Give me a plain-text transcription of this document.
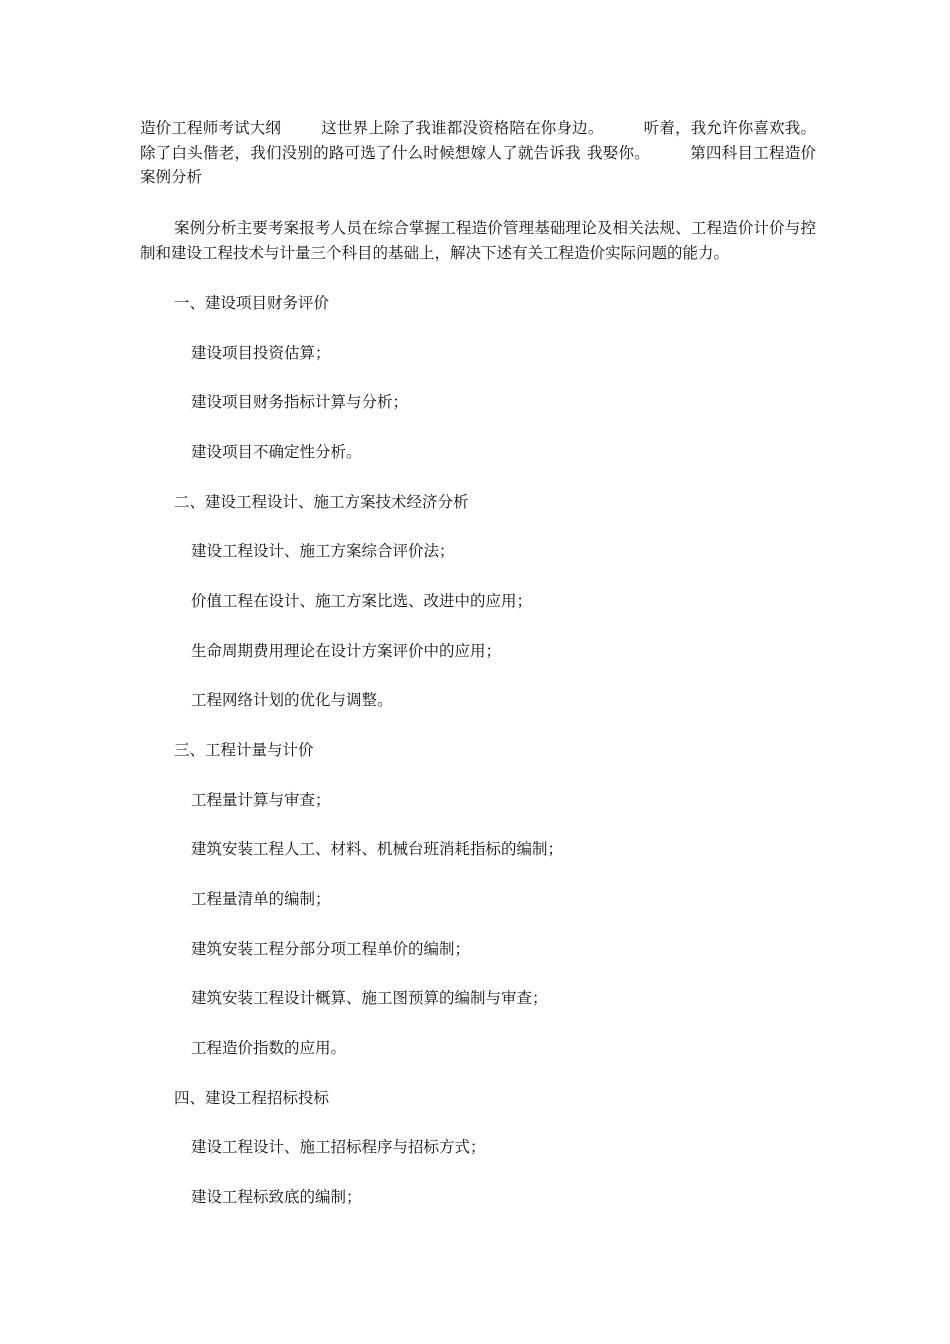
造价工程师考试大纲	这世界上除了我谁都没资格陪在你身边。	听着，我允许你喜欢我。除了白头偕老，我们没别的路可选了什么时候想嫁人了就告诉我 我娶你。	第四科目工程造价案例分析

案例分析主要考案报考人员在综合掌握工程造价管理基础理论及相关法规、工程造价计价与控制和建设工程技术与计量三个科目的基础上，解决下述有关工程造价实际问题的能力。

一、建设项目财务评价

建设项目投资估算；

建设项目财务指标计算与分析；

建设项目不确定性分析。

二、建设工程设计、施工方案技术经济分析

建设工程设计、施工方案综合评价法；

价值工程在设计、施工方案比选、改进中的应用；

生命周期费用理论在设计方案评价中的应用；

工程网络计划的优化与调整。

三、工程计量与计价

工程量计算与审查；

建筑安装工程人工、材料、机械台班消耗指标的编制；

工程量清单的编制；

建筑安装工程分部分项工程单价的编制；

建筑安装工程设计概算、施工图预算的编制与审查；

工程造价指数的应用。

四、建设工程招标投标

建设工程设计、施工招标程序与招标方式；

建设工程标致底的编制；
